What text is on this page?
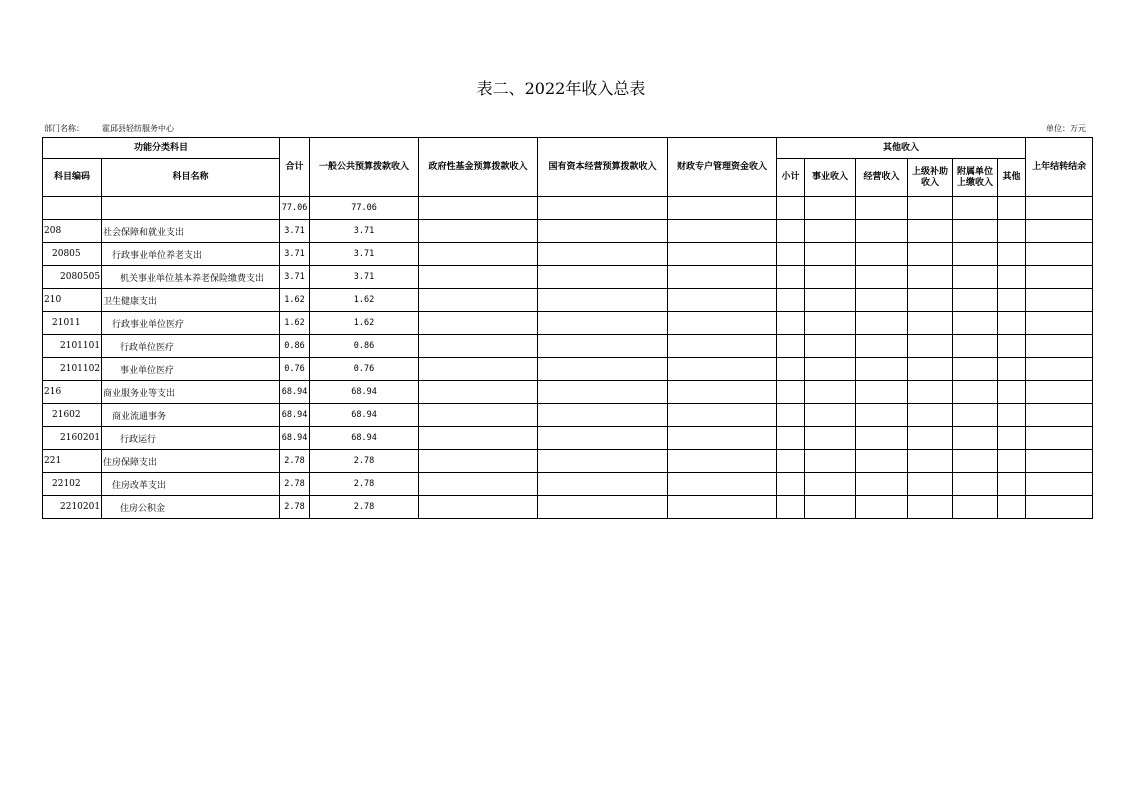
表二、2022年收入总表
部门名称： 霍邱县轻纺服务中心	单位：万元
功能分类科目		合计	一般公共预算拨款收入	政府性基金预算拨款收入	国有资本经营预算拨款收入	财政专户管理资金收入	其他收入						上年结转结余
科目编码	科目名称						小计	事业收入	经营收入	上级补助收入	附属单位上缴收入	其他	
		77.06	77.06										
208	社会保障和就业支出	3.71	3.71										
20805	行政事业单位养老支出	3.71	3.71										
2080505	机关事业单位基本养老保险缴费支出	3.71	3.71										
210	卫生健康支出	1.62	1.62										
21011	行政事业单位医疗	1.62	1.62										
2101101	行政单位医疗	0.86	0.86										
2101102	事业单位医疗	0.76	0.76										
216	商业服务业等支出	68.94	68.94										
21602	商业流通事务	68.94	68.94										
2160201	行政运行	68.94	68.94										
221	住房保障支出	2.78	2.78										
22102	住房改革支出	2.78	2.78										
2210201	住房公积金	2.78	2.78										
